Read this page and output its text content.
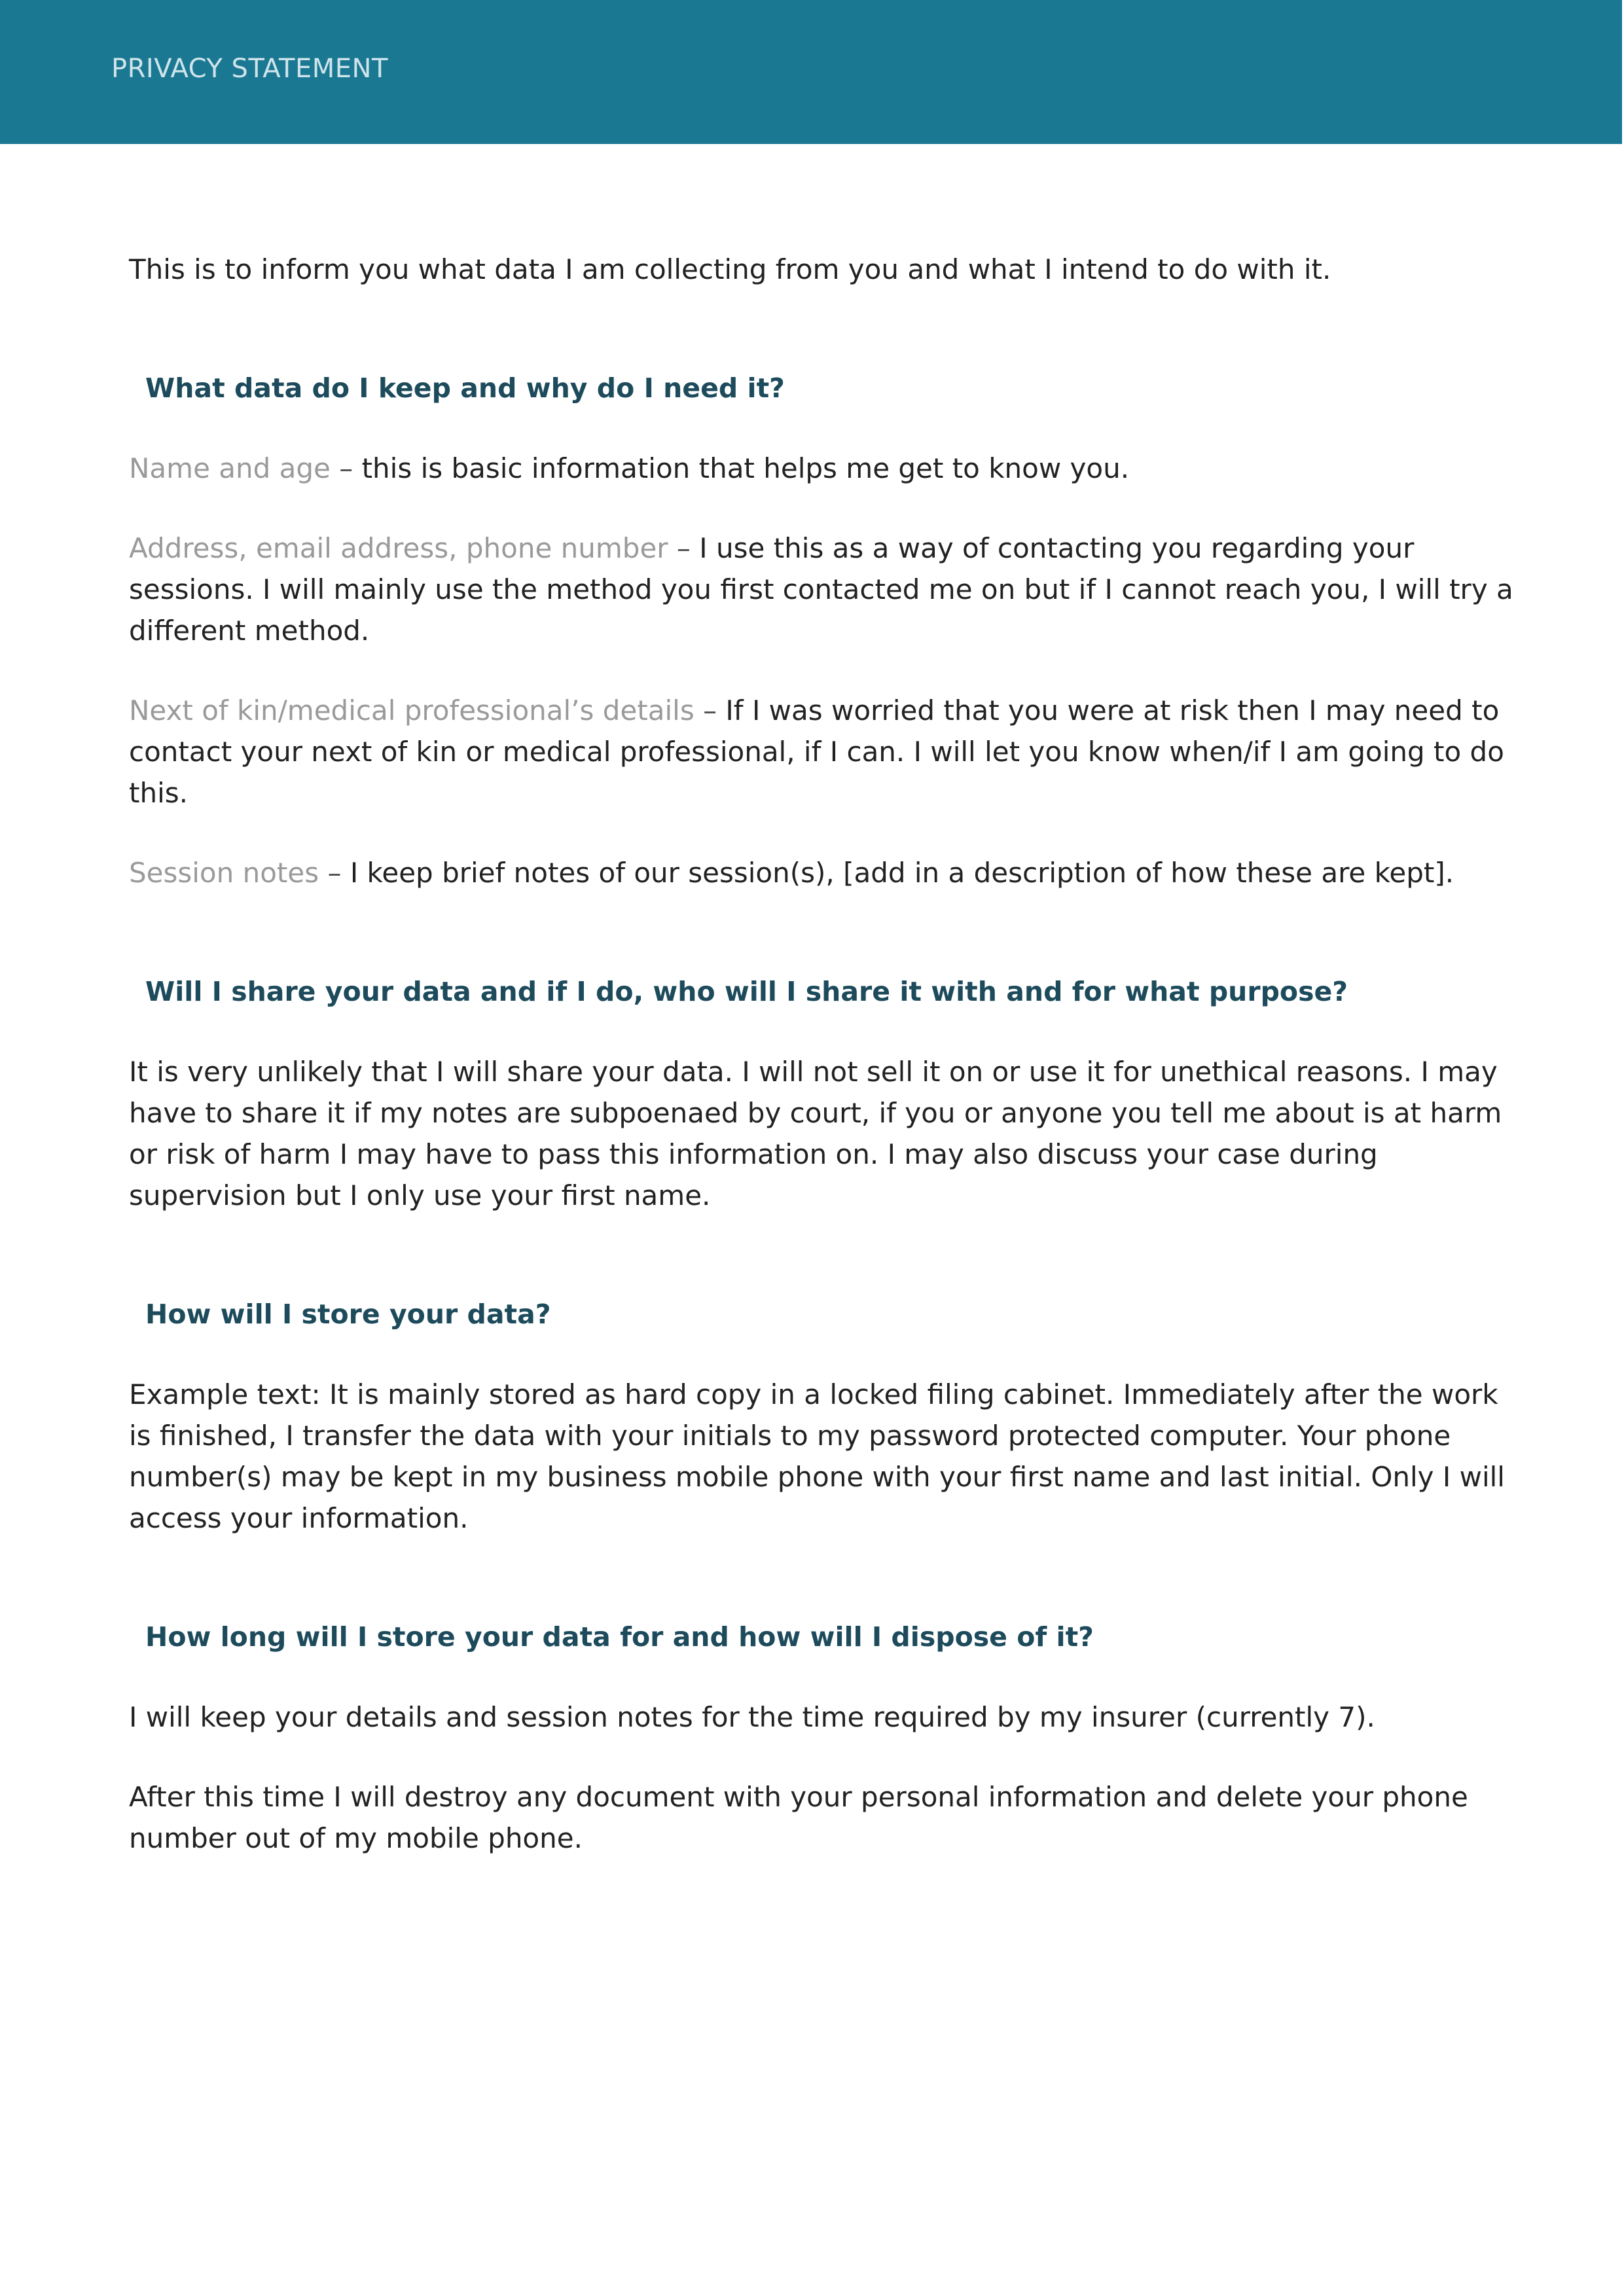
PRIVACY STATEMENT

This is to inform you what data I am collecting from you and what I intend to do with it.

What data do I keep and why do I need it?

Name and age – this is basic information that helps me get to know you.

Address, email address, phone number – I use this as a way of contacting you regarding your sessions. I will mainly use the method you first contacted me on but if I cannot reach you, I will try a different method.

Next of kin/medical professional’s details – If I was worried that you were at risk then I may need to contact your next of kin or medical professional, if I can. I will let you know when/if I am going to do this.

Session notes – I keep brief notes of our session(s), [add in a description of how these are kept].

Will I share your data and if I do, who will I share it with and for what purpose?

It is very unlikely that I will share your data. I will not sell it on or use it for unethical reasons. I may have to share it if my notes are subpoenaed by court, if you or anyone you tell me about is at harm or risk of harm I may have to pass this information on. I may also discuss your case during supervision but I only use your first name.

How will I store your data?

Example text: It is mainly stored as hard copy in a locked filing cabinet. Immediately after the work is finished, I transfer the data with your initials to my password protected computer. Your phone number(s) may be kept in my business mobile phone with your first name and last initial. Only I will access your information.

How long will I store your data for and how will I dispose of it?

I will keep your details and session notes for the time required by my insurer (currently 7).

After this time I will destroy any document with your personal information and delete your phone number out of my mobile phone.
